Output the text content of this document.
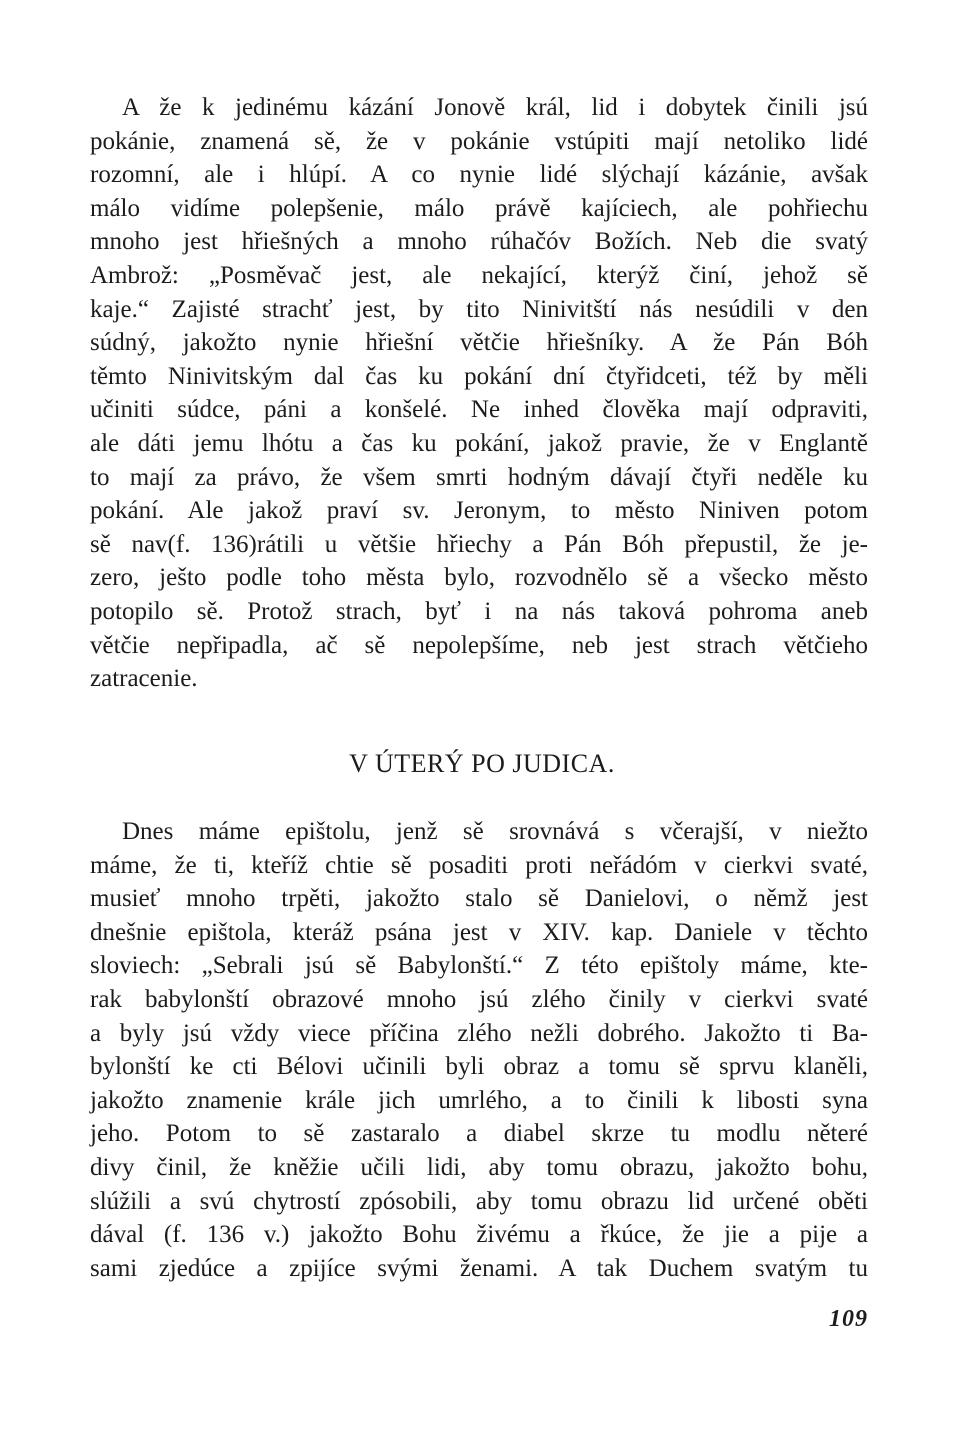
A že k jedinému kázání Jonově král, lid i dobytek činili jsú
pokánie, znamená sě, že v pokánie vstúpiti mají netoliko lidé
rozomní, ale i hlúpí. A co nynie lidé slýchají kázánie, avšak
málo vidíme polepšenie, málo právě kajíciech, ale pohřiechu
mnoho jest hřiešných a mnoho rúhačóv Božích. Neb die svatý
Ambrož: „Posměvač jest, ale nekající, kterýž činí, jehož sě
kaje.“ Zajisté strachť jest, by tito Ninivitští nás nesúdili v den
súdný, jakožto nynie hřiešní větčie hřiešníky. A že Pán Bóh
těmto Ninivitským dal čas ku pokání dní čtyřidceti, též by měli
učiniti súdce, páni a konšelé. Ne inhed člověka mají odpraviti,
ale dáti jemu lhótu a čas ku pokání, jakož pravie, že v Englantě
to mají za právo, že všem smrti hodným dávají čtyři neděle ku
pokání. Ale jakož praví sv. Jeronym, to město Niniven potom
sě nav(f. 136)rátili u většie hřiechy a Pán Bóh přepustil, že je-
zero, ješto podle toho města bylo, rozvodnělo sě a všecko město
potopilo sě. Protož strach, byť i na nás taková pohroma aneb
větčie nepřipadla, ač sě nepolepšíme, neb jest strach větčieho
zatracenie.
V ÚTERÝ PO JUDICA.
Dnes máme epištolu, jenž sě srovnává s včerajší, v niežto
máme, že ti, kteříž chtie sě posaditi proti neřádóm v cierkvi svaté,
musieť mnoho trpěti, jakožto stalo sě Danielovi, o němž jest
dnešnie epištola, kteráž psána jest v XIV. kap. Daniele v těchto
sloviech: „Sebrali jsú sě Babylonští.“ Z této epištoly máme, kte-
rak babylonští obrazové mnoho jsú zlého činily v cierkvi svaté
a byly jsú vždy viece příčina zlého nežli dobrého. Jakožto ti Ba-
bylonští ke cti Bélovi učinili byli obraz a tomu sě sprvu klaněli,
jakožto znamenie krále jich umrlého, a to činili k libosti syna
jeho. Potom to sě zastaralo a diabel skrze tu modlu něteré
divy činil, že kněžie učili lidi, aby tomu obrazu, jakožto bohu,
slúžili a svú chytrostí zpósobili, aby tomu obrazu lid určené oběti
dával (f. 136 v.) jakožto Bohu živému a řkúce, že jie a pije a
sami zjedúce a zpijíce svými ženami. A tak Duchem svatým tu
109
